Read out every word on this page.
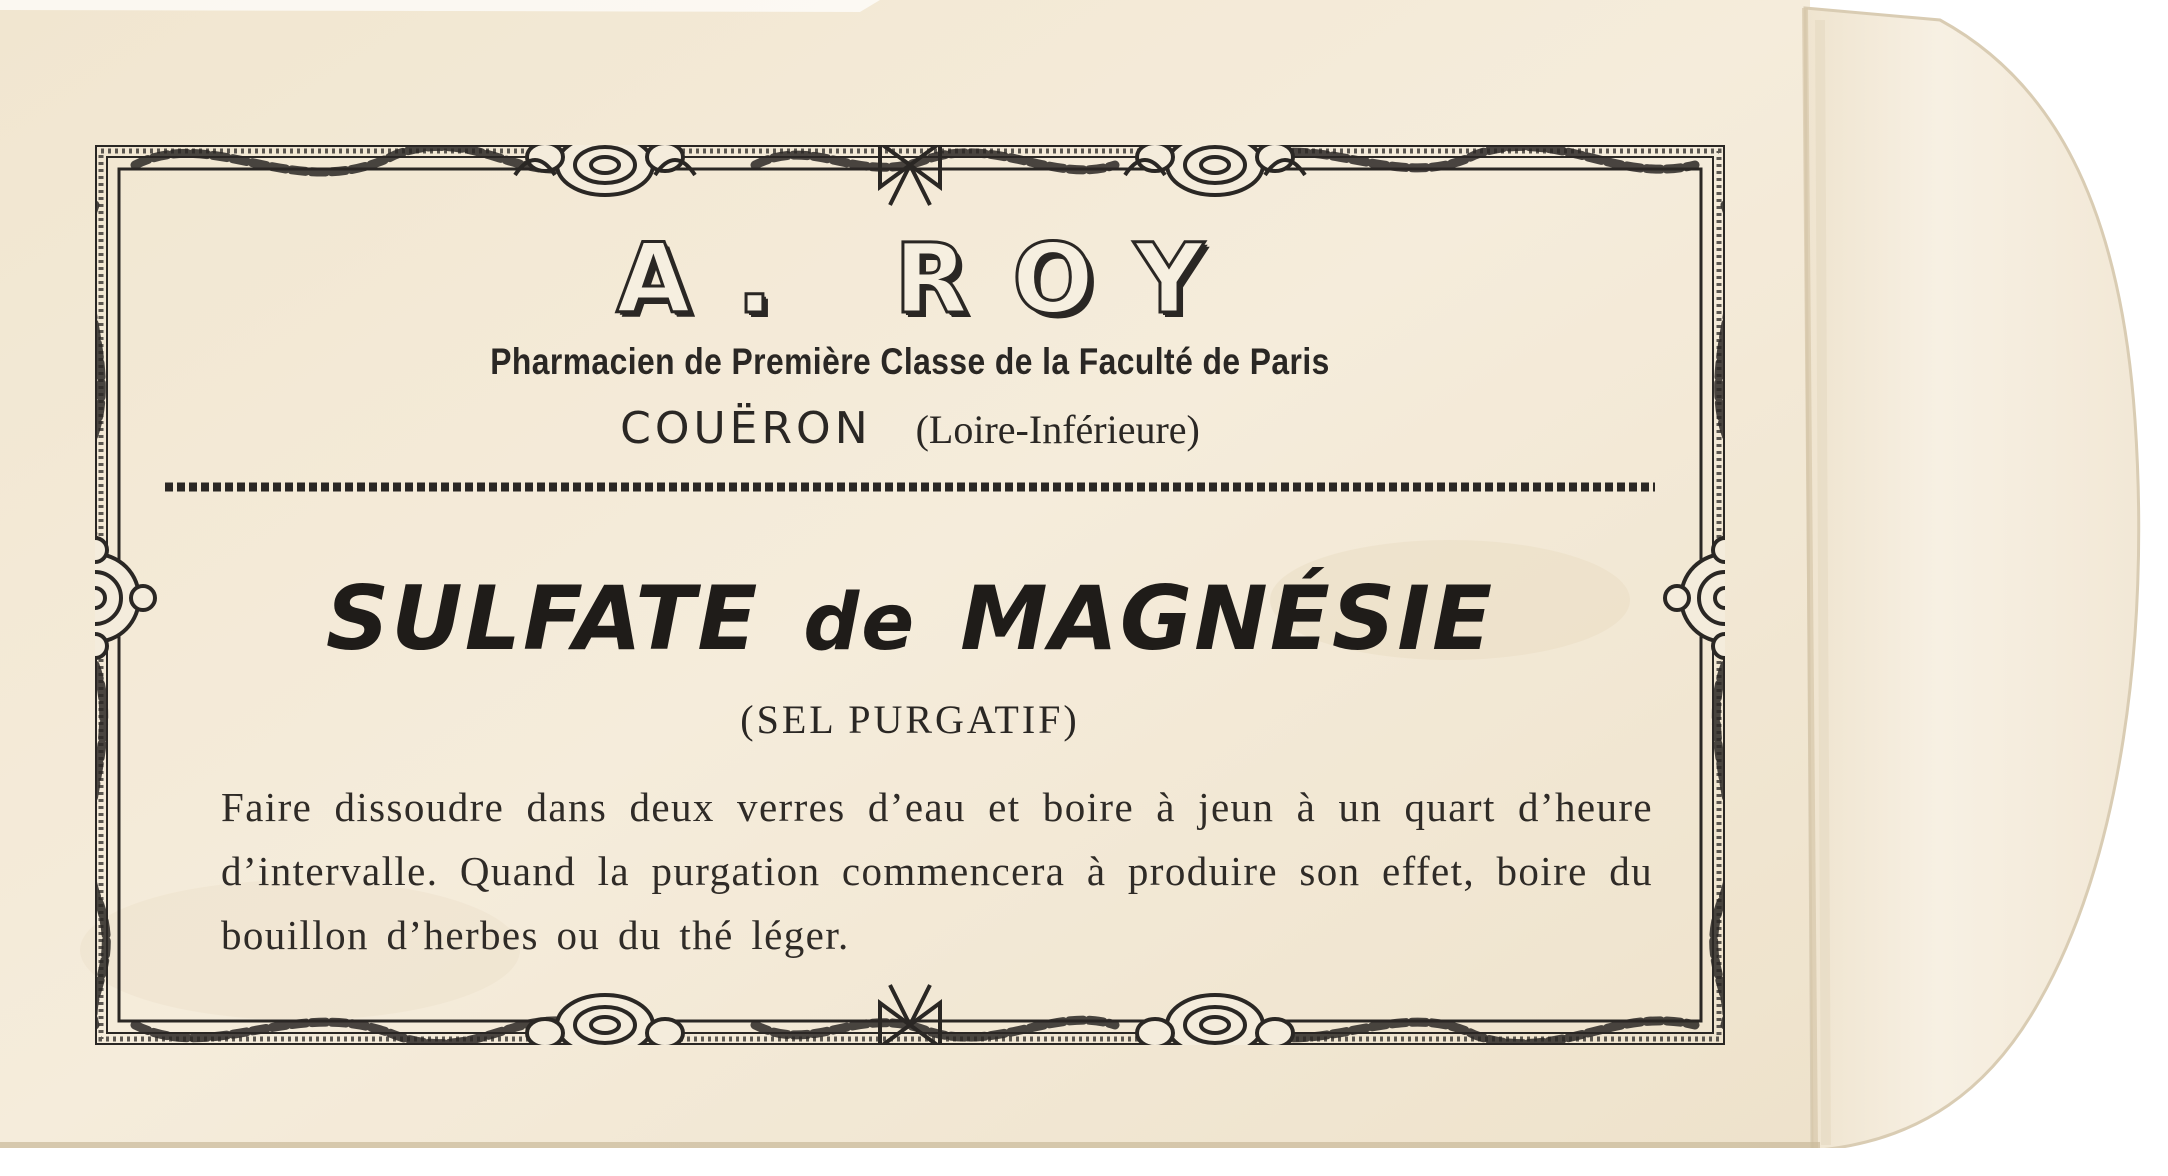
A. ROY
Pharmacien de Première Classe de la Faculté de Paris
COUËRON (Loire-Inférieure)
SULFATE de MAGNÉSIE
(SEL PURGATIF)
Faire dissoudre dans deux verres d’eau et boire à jeun à un quart d’heure d’intervalle. Quand la purgation commencera à produire son effet, boire du bouillon d’herbes ou du thé léger.
